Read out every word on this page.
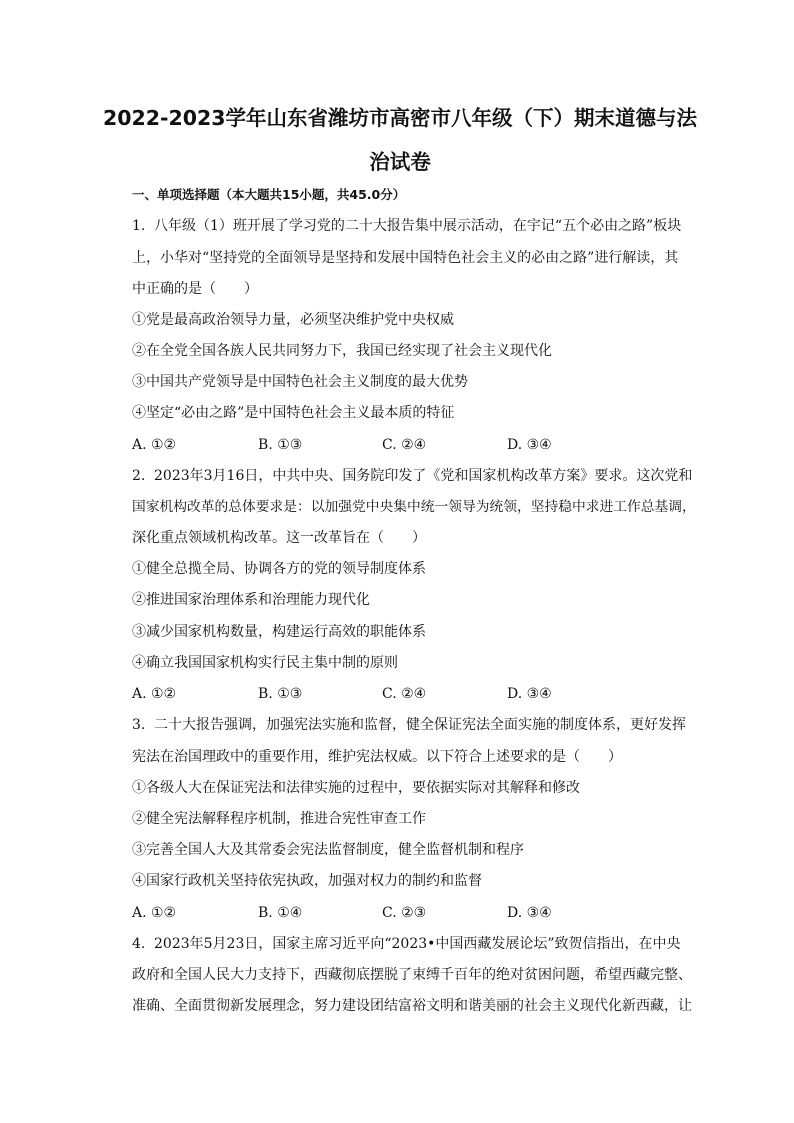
2022-2023学年山东省潍坊市高密市八年级（下）期末道德与法
治试卷
一、单项选择题（本大题共15小题，共45.0分）
1. 八年级（1）班开展了学习党的二十大报告集中展示活动，在宇记“五个必由之路”板块
上，小华对“坚持党的全面领导是坚持和发展中国特色社会主义的必由之路”进行解读，其
中正确的是（　　）
①党是最高政治领导力量，必须坚决维护党中央权威
②在全党全国各族人民共同努力下，我国已经实现了社会主义现代化
③中国共产党领导是中国特色社会主义制度的最大优势
④坚定“必由之路”是中国特色社会主义最本质的特征
A. ①②	B. ①③	C. ②④	D. ③④
2. 2023年3月16日，中共中央、国务院印发了《党和国家机构改革方案》要求。这次党和
国家机构改革的总体要求是：以加强党中央集中统一领导为统领，坚持稳中求进工作总基调，
深化重点领域机构改革。这一改革旨在（　　）
①健全总揽全局、协调各方的党的领导制度体系
②推进国家治理体系和治理能力现代化
③减少国家机构数量，构建运行高效的职能体系
④确立我国国家机构实行民主集中制的原则
A. ①②	B. ①③	C. ②④	D. ③④
3. 二十大报告强调，加强宪法实施和监督，健全保证宪法全面实施的制度体系，更好发挥
宪法在治国理政中的重要作用，维护宪法权威。以下符合上述要求的是（　　）
①各级人大在保证宪法和法律实施的过程中，要依据实际对其解释和修改
②健全宪法解释程序机制，推进合宪性审查工作
③完善全国人大及其常委会宪法监督制度，健全监督机制和程序
④国家行政机关坚持依宪执政，加强对权力的制约和监督
A. ①②	B. ①④	C. ②③	D. ③④
4. 2023年5月23日，国家主席习近平向“2023•中国西藏发展论坛”致贺信指出，在中央
政府和全国人民大力支持下，西藏彻底摆脱了束缚千百年的绝对贫困问题，希望西藏完整、
准确、全面贯彻新发展理念，努力建设团结富裕文明和谐美丽的社会主义现代化新西藏，让
